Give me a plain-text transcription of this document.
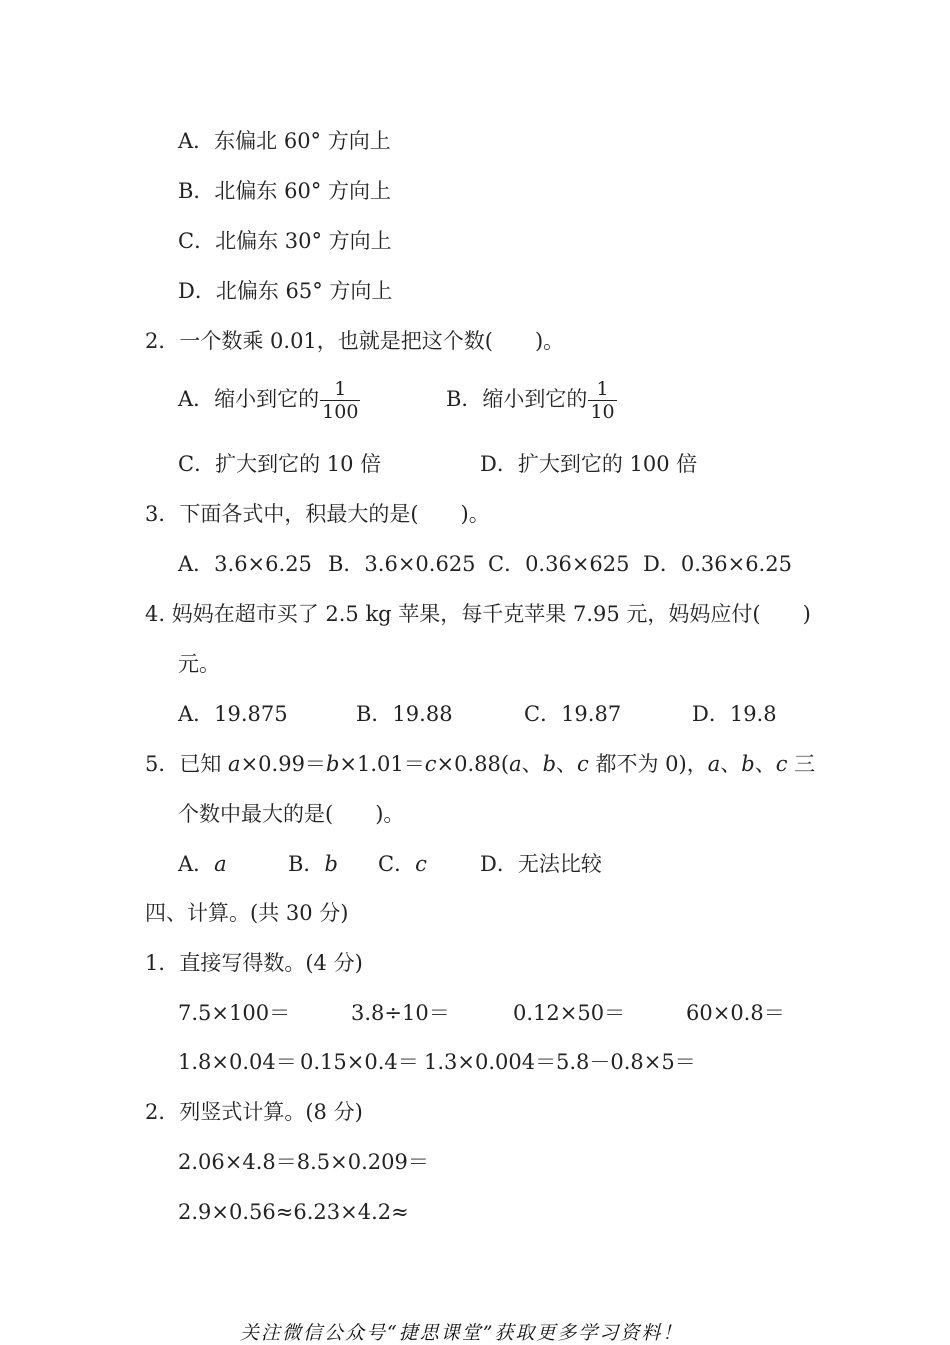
A．东偏北 60° 方向上
B．北偏东 60° 方向上
C．北偏东 30° 方向上
D．北偏东 65° 方向上
2．一个数乘 0.01，也就是把这个数(　　)。
A．缩小到它的 $\frac{1}{100}$	B．缩小到它的 $\frac{1}{10}$
C．扩大到它的 10 倍	D．扩大到它的 100 倍
3．下面各式中，积最大的是(　　)。
A．3.6×6.25 B．3.6×0.625 C．0.36×625 D．0.36×6.25
4. 妈妈在超市买了 2.5 kg 苹果，每千克苹果 7.95 元，妈妈应付(　　)
元。
A．19.875	B．19.88	C．19.87	D．19.8
5．已知 a×0.99＝b×1.01＝c×0.88(a、b、c 都不为 0)，a、b、c 三
个数中最大的是(　　)。
A．a	B．b C．c	D．无法比较
四、计算。(共 30 分)
1．直接写得数。(4 分)
7.5×100＝	3.8÷10＝	0.12×50＝	60×0.8＝
1.8×0.04＝ 0.15×0.4＝ 1.3×0.004＝ 5.8－0.8×5＝
2．列竖式计算。(8 分)
2.06×4.8＝8.5×0.209＝
2.9×0.56≈6.23×4.2≈
关注微信公众号“捷思课堂”获取更多学习资料！
